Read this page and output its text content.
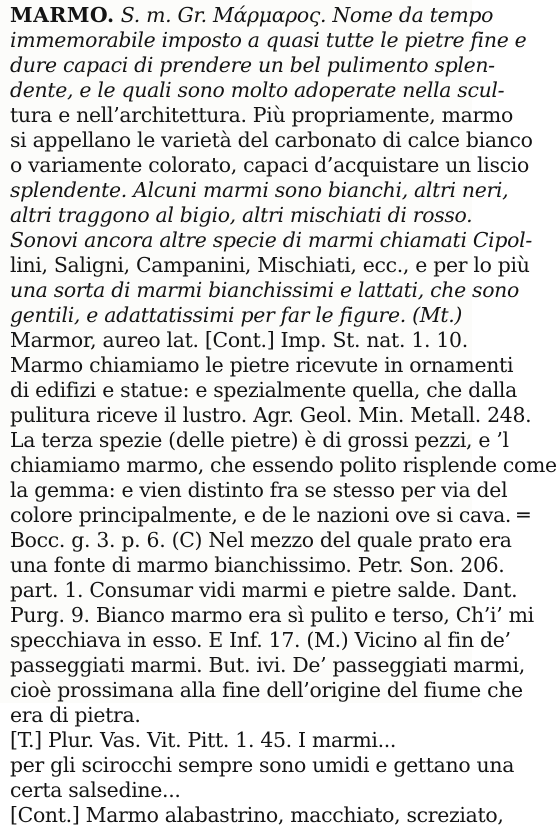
MARMO. S. m. Gr. Μάρμαρος. Nome da tempo
immemorabile imposto a quasi tutte le pietre fine e
dure capaci di prendere un bel pulimento splen-
dente, e le quali sono molto adoperate nella scul-
tura e nell’architettura. Più propriamente, marmo
si appellano le varietà del carbonato di calce bianco
o variamente colorato, capaci d’acquistare un liscio
splendente. Alcuni marmi sono bianchi, altri neri,
altri traggono al bigio, altri mischiati di rosso.
Sonovi ancora altre specie di marmi chiamati Cipol-
lini, Saligni, Campanini, Mischiati, ecc., e per lo più
una sorta di marmi bianchissimi e lattati, che sono
gentili, e adattatissimi per far le figure. (Mt.)
Marmor, aureo lat. [Cont.] Imp. St. nat. 1. 10.
Marmo chiamiamo le pietre ricevute in ornamenti
di edifizi e statue: e spezialmente quella, che dalla
pulitura riceve il lustro. Agr. Geol. Min. Metall. 248.
La terza spezie (delle pietre) è di grossi pezzi, e ’l
chiamiamo marmo, che essendo polito risplende come
la gemma: e vien distinto fra se stesso per via del
colore principalmente, e de le nazioni ove si cava. ═
Bocc. g. 3. p. 6. (C) Nel mezzo del quale prato era
una fonte di marmo bianchissimo. Petr. Son. 206.
part. 1. Consumar vidi marmi e pietre salde. Dant.
Purg. 9. Bianco marmo era sì pulito e terso, Ch’i’ mi
specchiava in esso. E Inf. 17. (M.) Vicino al fin de’
passeggiati marmi. But. ivi. De’ passeggiati marmi,
cioè prossimana alla fine dell’origine del fiume che
era di pietra.
[T.] Plur. Vas. Vit. Pitt. 1. 45. I marmi...
per gli scirocchi sempre sono umidi e gettano una
certa salsedine...
[Cont.] Marmo alabastrino, macchiato, screziato,
